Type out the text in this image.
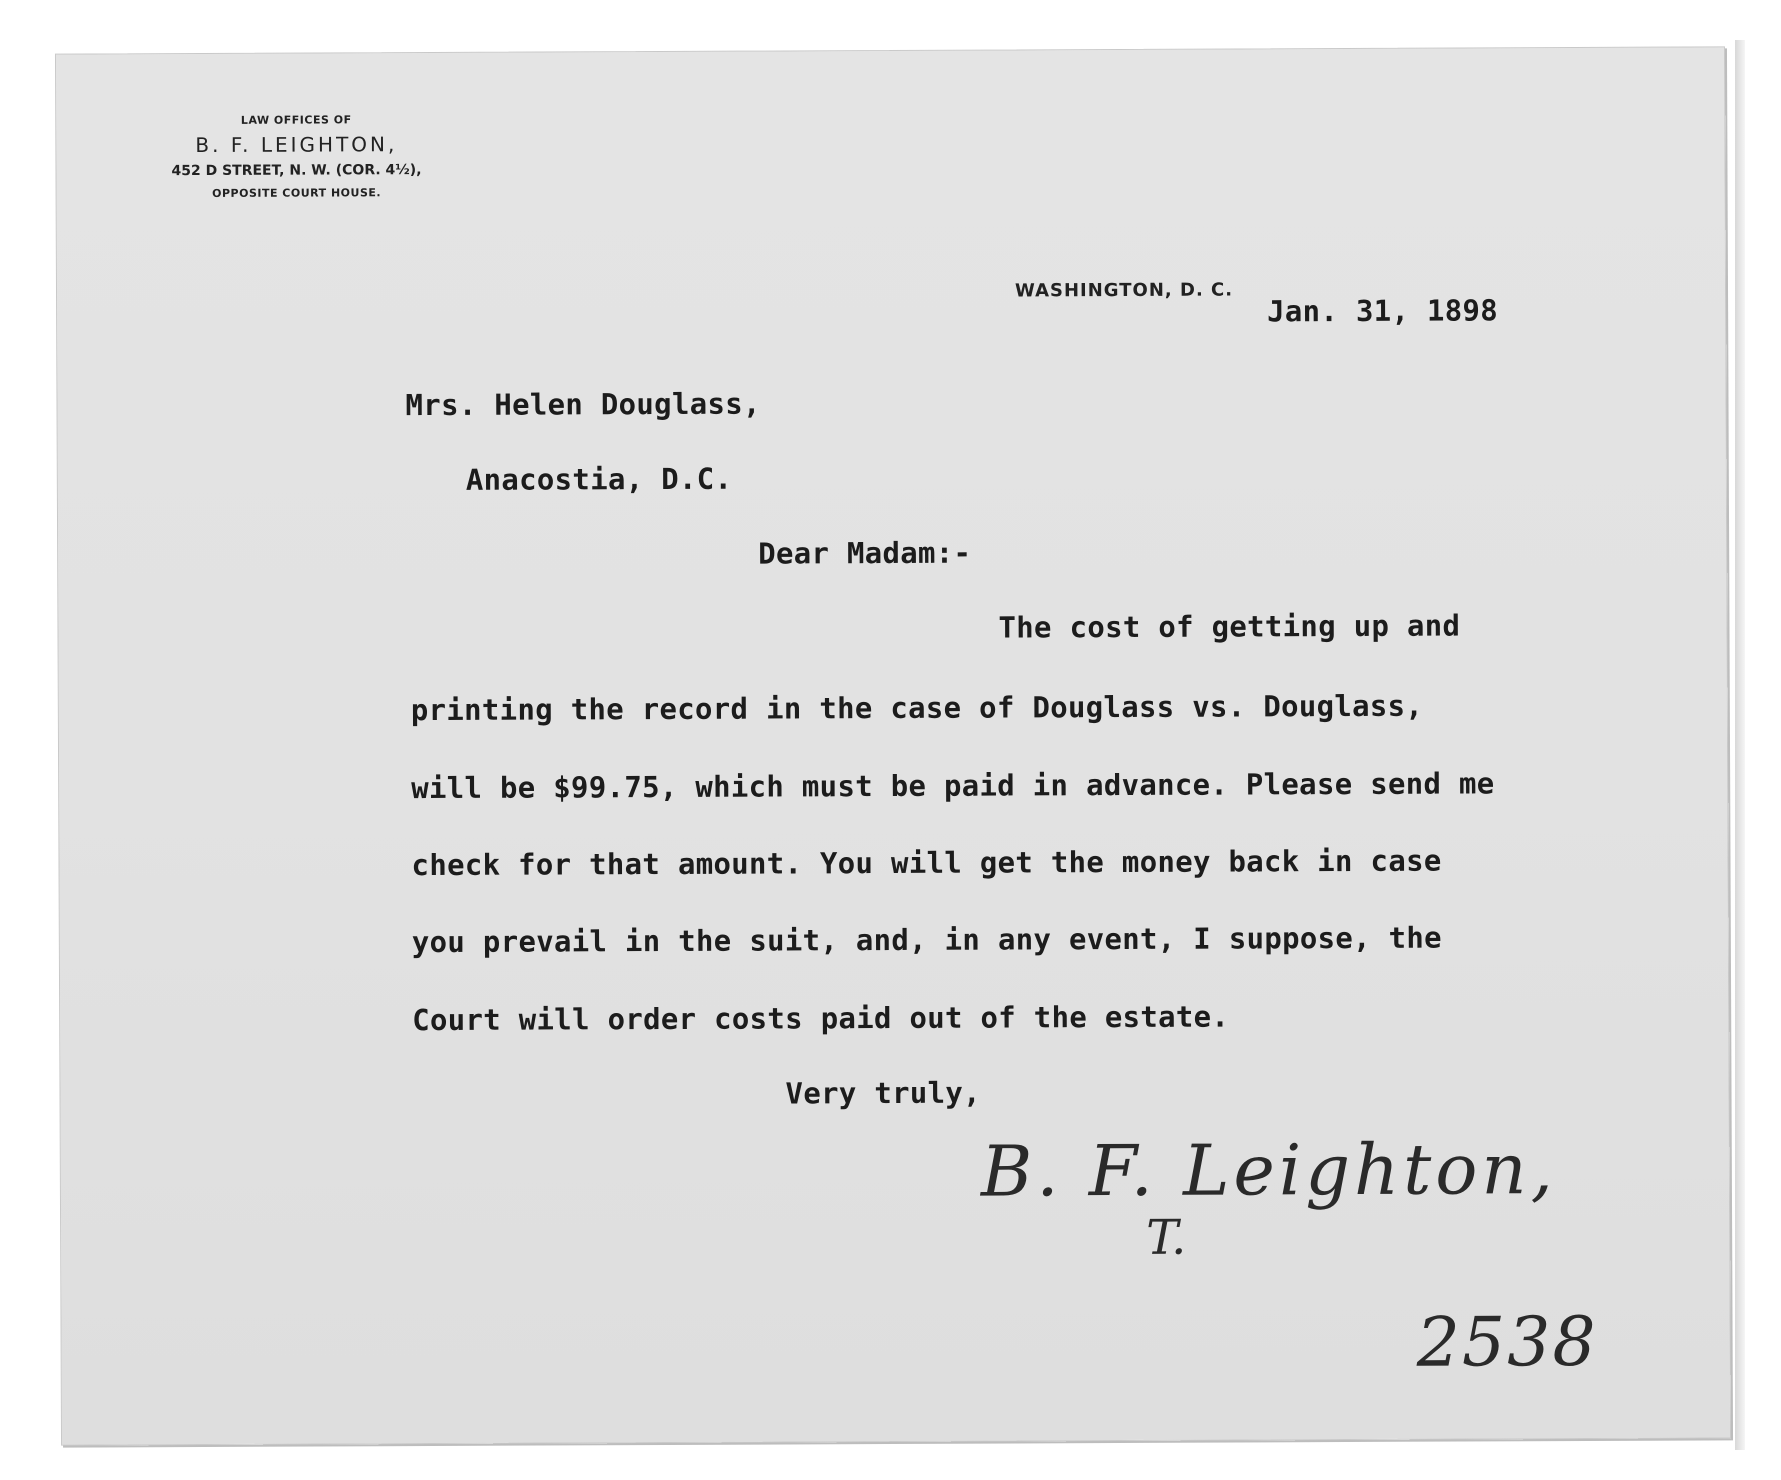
LAW OFFICES OF
B. F. LEIGHTON,
452 D STREET, N. W. (COR. 4½),
OPPOSITE COURT HOUSE.
WASHINGTON, D. C.
Jan. 31, 1898
Mrs. Helen Douglass,
Anacostia, D.C.
Dear Madam:-
The cost of getting up and
printing the record in the case of Douglass vs. Douglass,
will be $99.75, which must be paid in advance. Please send me
check for that amount. You will get the money back in case
you prevail in the suit, and, in any event, I suppose, the
Court will order costs paid out of the estate.
Very truly,
B. F. Leighton,
T.
2538
